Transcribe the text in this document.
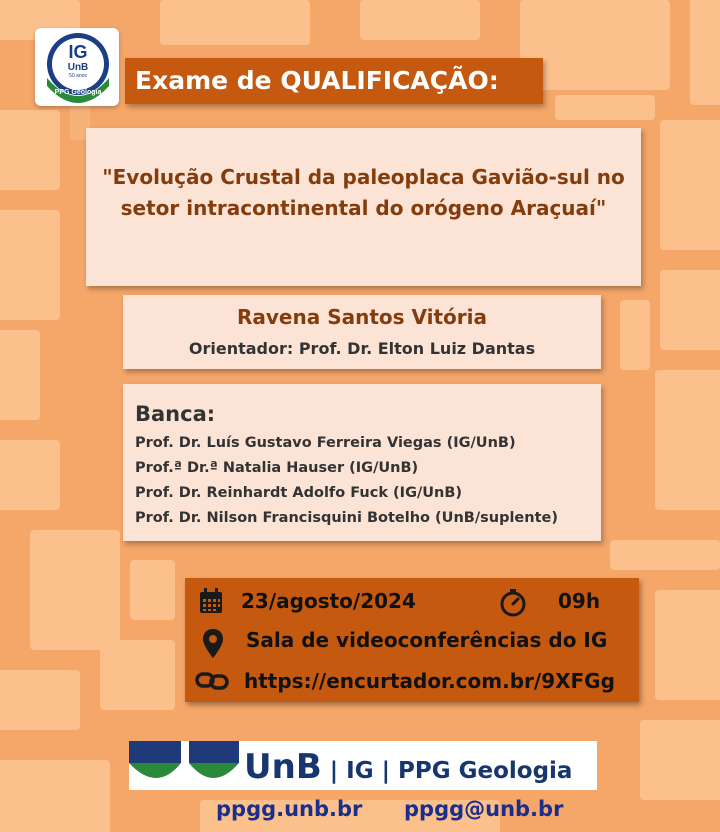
IG
UnB
50 anos
PPG Geologia	Exame de QUALIFICAÇÃO:
"Evolução Crustal da paleoplaca Gavião-sul no
setor intracontinental do orógeno Araçuaí"
Ravena Santos Vitória
Orientador: Prof. Dr. Elton Luiz Dantas
Banca:
Prof. Dr. Luís Gustavo Ferreira Viegas (IG/UnB)
Prof.ª Dr.ª Natalia Hauser (IG/UnB)
Prof. Dr. Reinhardt Adolfo Fuck (IG/UnB)
Prof. Dr. Nilson Francisquini Botelho (UnB/suplente)
23/agosto/2024	09h
Sala de videoconferências do IG
https://encurtador.com.br/9XFGg
UnB | IG | PPG Geologia
ppgg.unb.br ppgg@unb.br
